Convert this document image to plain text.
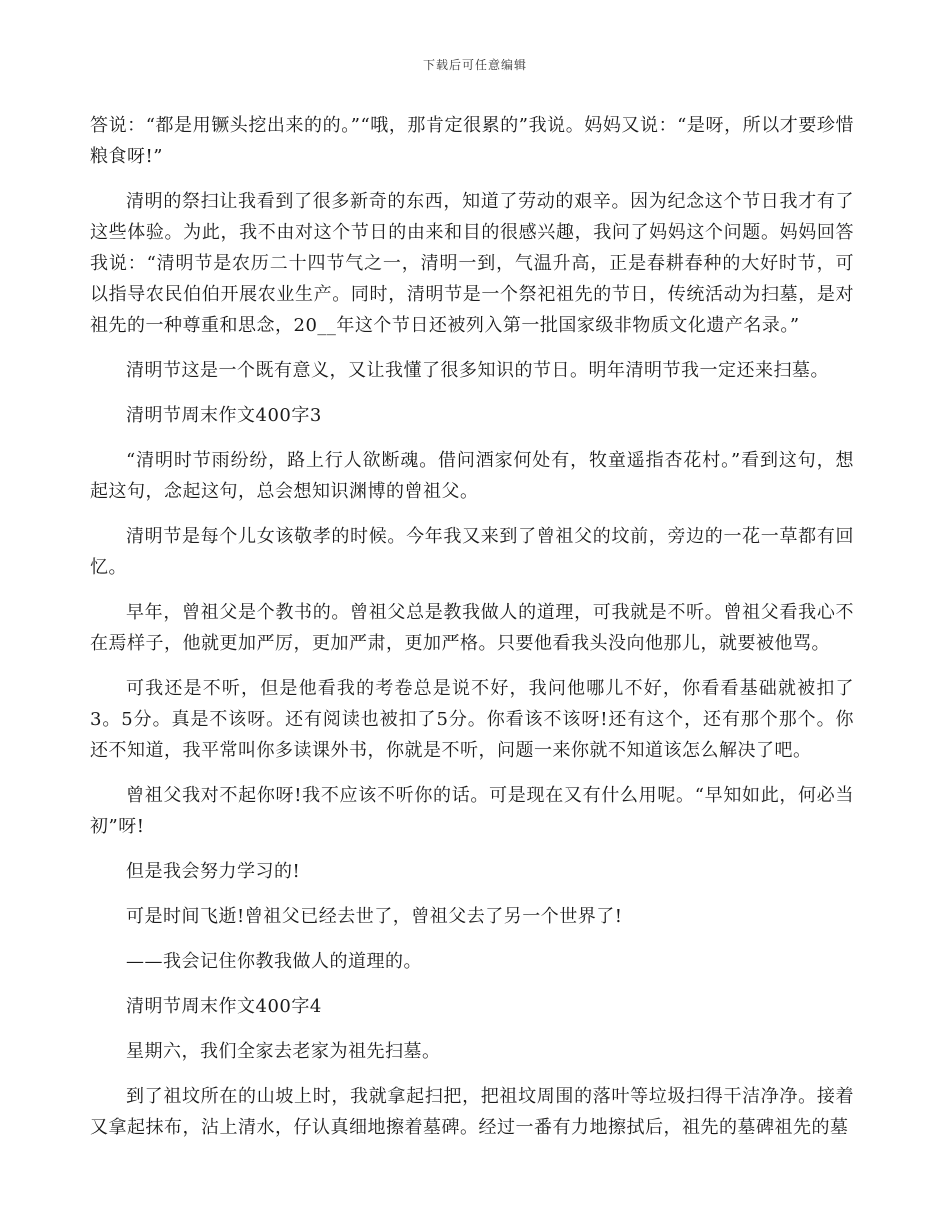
下载后可任意编辑

答说：“都是用镢头挖出来的的。”“哦，那肯定很累的”我说。妈妈又说：“是呀，所以才要珍惜粮食呀!”

清明的祭扫让我看到了很多新奇的东西，知道了劳动的艰辛。因为纪念这个节日我才有了这些体验。为此，我不由对这个节日的由来和目的很感兴趣，我问了妈妈这个问题。妈妈回答我说：“清明节是农历二十四节气之一，清明一到，气温升高，正是春耕春种的大好时节，可以指导农民伯伯开展农业生产。同时，清明节是一个祭祀祖先的节日，传统活动为扫墓，是对祖先的一种尊重和思念，20__年这个节日还被列入第一批国家级非物质文化遗产名录。”

清明节这是一个既有意义，又让我懂了很多知识的节日。明年清明节我一定还来扫墓。

清明节周末作文400字3

“清明时节雨纷纷，路上行人欲断魂。借问酒家何处有，牧童遥指杏花村。”看到这句，想起这句，念起这句，总会想知识渊博的曾祖父。

清明节是每个儿女该敬孝的时候。今年我又来到了曾祖父的坟前，旁边的一花一草都有回忆。

早年，曾祖父是个教书的。曾祖父总是教我做人的道理，可我就是不听。曾祖父看我心不在焉样子，他就更加严厉，更加严肃，更加严格。只要他看我头没向他那儿，就要被他骂。

可我还是不听，但是他看我的考卷总是说不好，我问他哪儿不好，你看看基础就被扣了3。5分。真是不该呀。还有阅读也被扣了5分。你看该不该呀!还有这个，还有那个那个。你还不知道，我平常叫你多读课外书，你就是不听，问题一来你就不知道该怎么解决了吧。

曾祖父我对不起你呀!我不应该不听你的话。可是现在又有什么用呢。“早知如此，何必当初”呀!

但是我会努力学习的!

可是时间飞逝!曾祖父已经去世了，曾祖父去了另一个世界了!

——我会记住你教我做人的道理的。

清明节周末作文400字4

星期六，我们全家去老家为祖先扫墓。

到了祖坟所在的山坡上时，我就拿起扫把，把祖坟周围的落叶等垃圾扫得干洁净净。接着又拿起抹布，沾上清水，仔认真细地擦着墓碑。经过一番有力地擦拭后，祖先的墓碑祖先的墓
